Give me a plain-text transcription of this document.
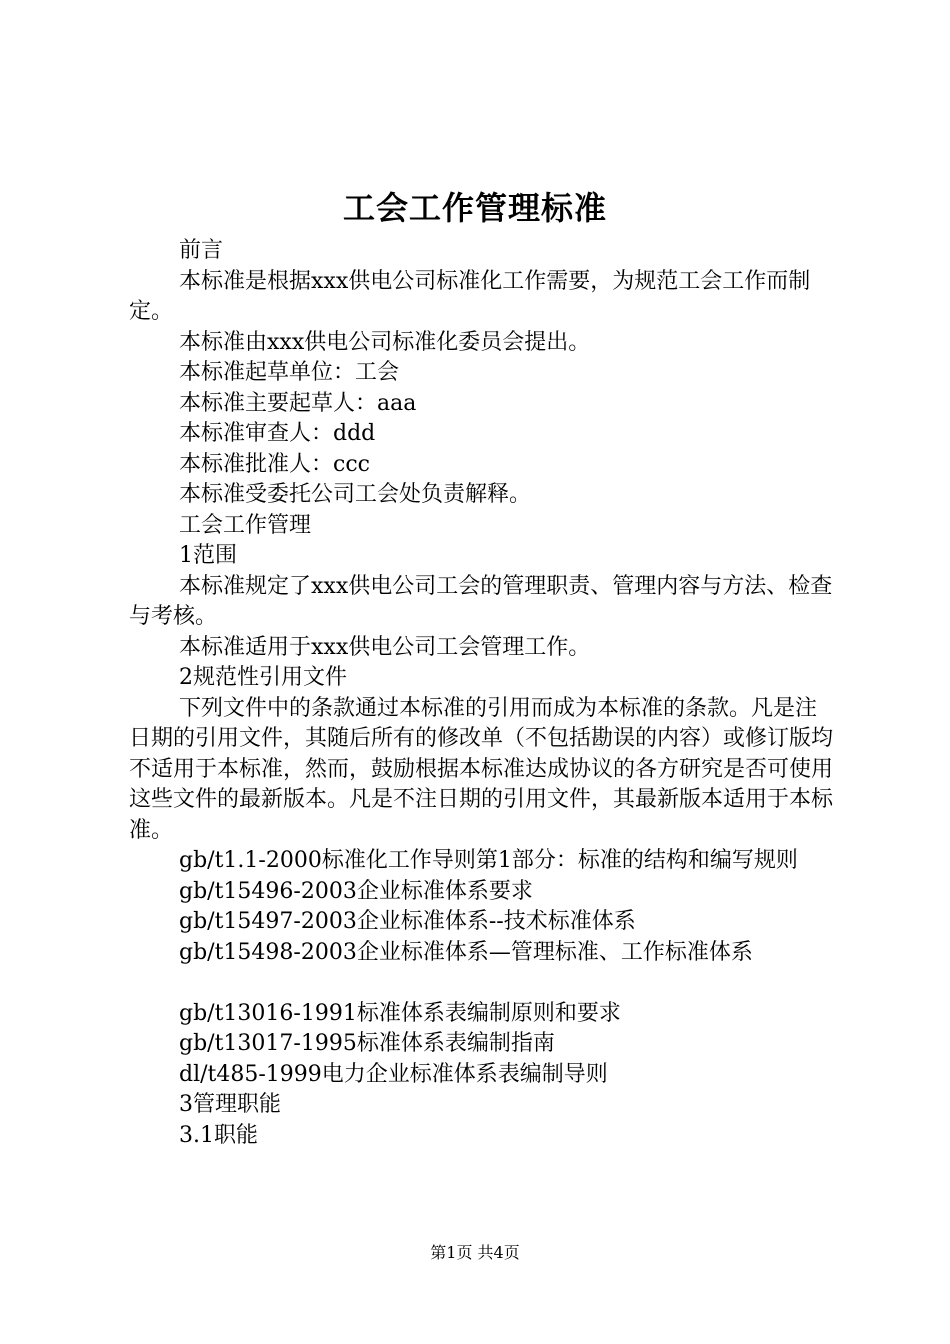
工会工作管理标准

前言

本标准是根据xxx供电公司标准化工作需要，为规范工会工作而制定。

本标准由xxx供电公司标准化委员会提出。

本标准起草单位：工会

本标准主要起草人：aaa

本标准审查人：ddd

本标准批准人：ccc

本标准受委托公司工会处负责解释。

工会工作管理

1范围

本标准规定了xxx供电公司工会的管理职责、管理内容与方法、检查与考核。

本标准适用于xxx供电公司工会管理工作。

2规范性引用文件

下列文件中的条款通过本标准的引用而成为本标准的条款。凡是注日期的引用文件，其随后所有的修改单（不包括勘误的内容）或修订版均不适用于本标准，然而，鼓励根据本标准达成协议的各方研究是否可使用这些文件的最新版本。凡是不注日期的引用文件，其最新版本适用于本标准。

gb/t1.1-2000标准化工作导则第1部分：标准的结构和编写规则

gb/t15496-2003企业标准体系要求

gb/t15497-2003企业标准体系--技术标准体系

gb/t15498-2003企业标准体系—管理标准、工作标准体系

gb/t13016-1991标准体系表编制原则和要求

gb/t13017-1995标准体系表编制指南

dl/t485-1999电力企业标准体系表编制导则

3管理职能

3.1职能

第1页 共4页
